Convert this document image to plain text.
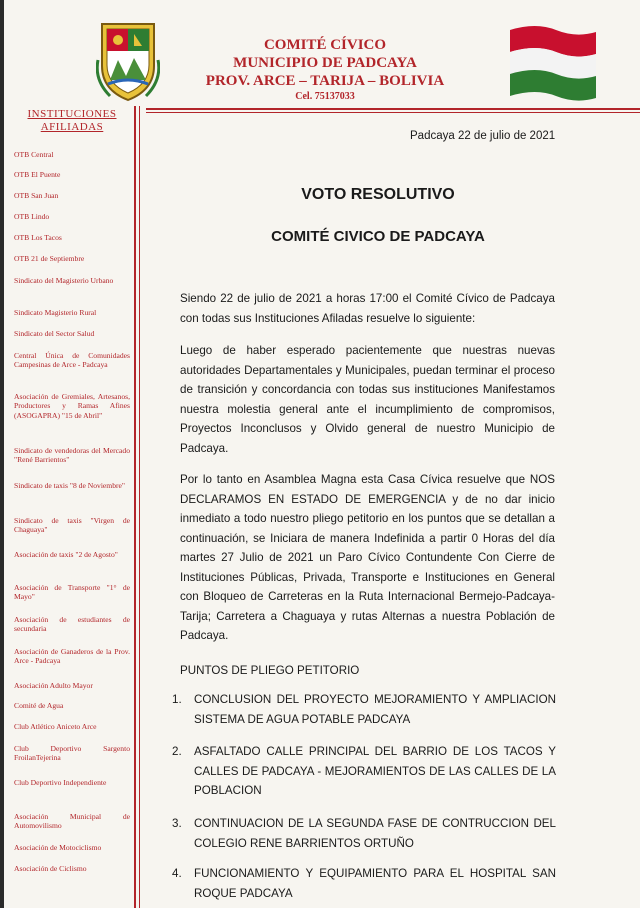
COMITÉ CÍVICO
MUNICIPIO DE PADCAYA
PROV. ARCE – TARIJA – BOLIVIA
Cel. 75137033
INSTITUCIONES
AFILIADAS
OTB Central
OTB El Puente
OTB San Juan
OTB Lindo
OTB Los Tacos
OTB 21 de Septiembre
Sindicato del Magisterio Urbano
Sindicato Magisterio Rural
Sindicato del Sector Salud
Central Única de Comunidades Campesinas de Arce - Padcaya
Asociación de Gremiales, Artesanos, Productores y Ramas Afines (ASOGAPRA) "15 de Abril"
Sindicato de vendedoras del Mercado "René Barrientos"
Sindicato de taxis "8 de Noviembre"
Sindicato de taxis "Virgen de Chaguaya"
Asociación de taxis "2 de Agosto"
Asociación de Transporte "1° de Mayo"
Asociación de estudiantes de secundaria
Asociación de Ganaderos de la Prov. Arce - Padcaya
Asociación Adulto Mayor
Comité de Agua
Club Atlético Aniceto Arce
Club Deportivo Sargento FroilanTejerina
Club Deportivo Independiente
Asociación Municipal de Automovilismo
Asociación de Motociclismo
Asociación de Ciclismo
Padcaya 22 de julio de 2021
VOTO RESOLUTIVO
COMITÉ CIVICO DE PADCAYA
Siendo 22 de julio de 2021 a horas 17:00 el Comité Cívico de Padcaya con todas sus Instituciones Afiladas resuelve lo siguiente:
Luego de haber esperado pacientemente que nuestras nuevas autoridades Departamentales y Municipales, puedan terminar el proceso de transición y concordancia con todas sus instituciones Manifestamos nuestra molestia general ante el incumplimiento de compromisos, Proyectos Inconclusos y Olvido general de nuestro Municipio de Padcaya.
Por lo tanto en Asamblea Magna esta Casa Cívica resuelve que NOS DECLARAMOS EN ESTADO DE EMERGENCIA y de no dar inicio inmediato a todo nuestro pliego petitorio en los puntos que se detallan a continuación, se Iniciara de manera Indefinida a partir 0 Horas del día martes 27 Julio de 2021 un Paro Cívico Contundente Con Cierre de Instituciones Públicas, Privada, Transporte e Instituciones en General con Bloqueo de Carreteras en la Ruta Internacional Bermejo-Padcaya-Tarija; Carretera a Chaguaya y rutas Alternas a nuestra Población de Padcaya.
PUNTOS DE PLIEGO PETITORIO
1. CONCLUSION DEL PROYECTO MEJORAMIENTO Y AMPLIACION SISTEMA DE AGUA POTABLE PADCAYA
2. ASFALTADO CALLE PRINCIPAL DEL BARRIO DE LOS TACOS Y CALLES DE PADCAYA - MEJORAMIENTOS DE LAS CALLES DE LA POBLACION
3. CONTINUACION DE LA SEGUNDA FASE DE CONTRUCCION DEL COLEGIO RENE BARRIENTOS ORTUÑO
4. FUNCIONAMIENTO Y EQUIPAMIENTO PARA EL HOSPITAL SAN ROQUE PADCAYA
